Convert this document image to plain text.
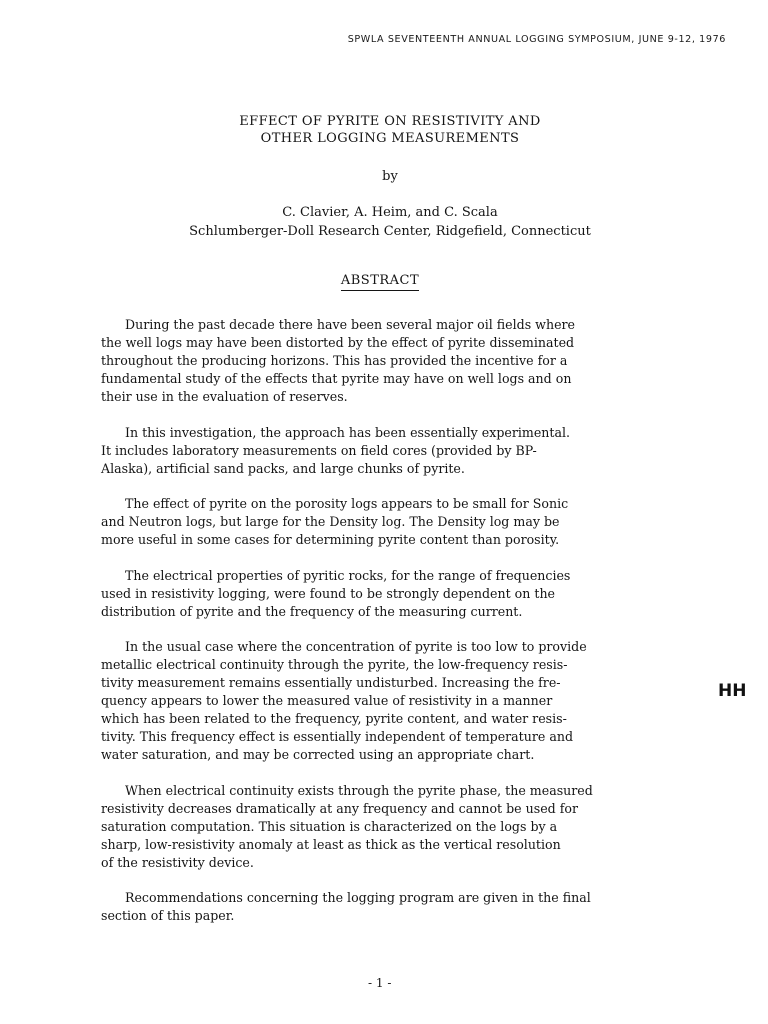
SPWLA SEVENTEENTH ANNUAL LOGGING SYMPOSIUM, JUNE 9-12, 1976
EFFECT OF PYRITE ON RESISTIVITY AND
OTHER LOGGING MEASUREMENTS
by
C. Clavier, A. Heim, and C. Scala
Schlumberger-Doll Research Center, Ridgefield, Connecticut
ABSTRACT
During the past decade there have been several major oil fields where
the well logs may have been distorted by the effect of pyrite disseminated
throughout the producing horizons. This has provided the incentive for a
fundamental study of the effects that pyrite may have on well logs and on
their use in the evaluation of reserves.
In this investigation, the approach has been essentially experimental.
It includes laboratory measurements on field cores (provided by BP-
Alaska), artificial sand packs, and large chunks of pyrite.
The effect of pyrite on the porosity logs appears to be small for Sonic
and Neutron logs, but large for the Density log. The Density log may be
more useful in some cases for determining pyrite content than porosity.
The electrical properties of pyritic rocks, for the range of frequencies
used in resistivity logging, were found to be strongly dependent on the
distribution of pyrite and the frequency of the measuring current.
In the usual case where the concentration of pyrite is too low to provide
metallic electrical continuity through the pyrite, the low-frequency resis-
tivity measurement remains essentially undisturbed. Increasing the fre-
quency appears to lower the measured value of resistivity in a manner
which has been related to the frequency, pyrite content, and water resis-
tivity. This frequency effect is essentially independent of temperature and
water saturation, and may be corrected using an appropriate chart.
When electrical continuity exists through the pyrite phase, the measured
resistivity decreases dramatically at any frequency and cannot be used for
saturation computation. This situation is characterized on the logs by a
sharp, low-resistivity anomaly at least as thick as the vertical resolution
of the resistivity device.
Recommendations concerning the logging program are given in the final
section of this paper.
HH
- 1 -
